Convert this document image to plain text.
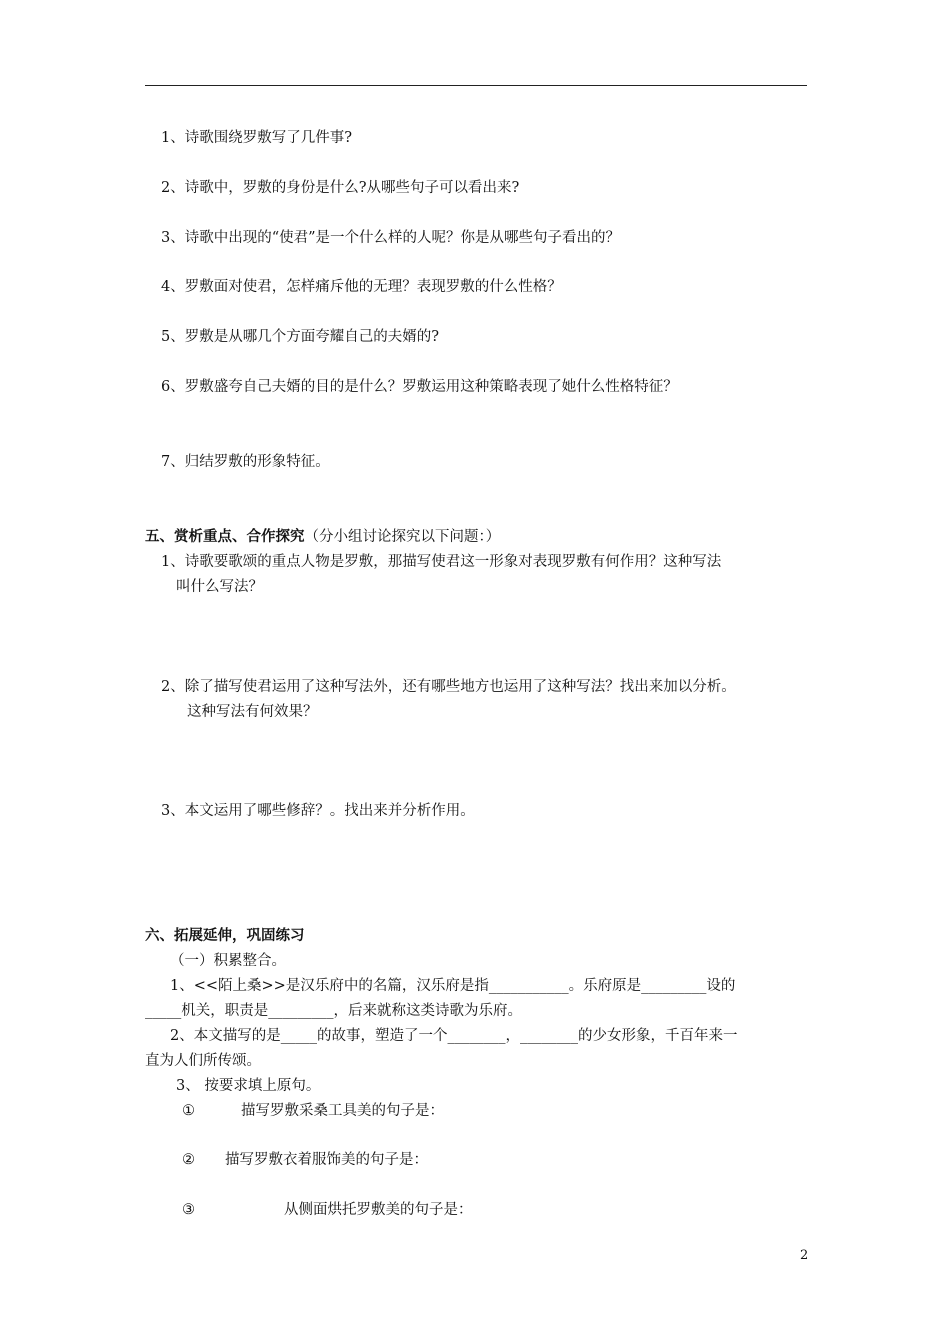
1、诗歌围绕罗敷写了几件事?
2、诗歌中，罗敷的身份是什么?从哪些句子可以看出来?
3、诗歌中出现的“使君”是一个什么样的人呢？你是从哪些句子看出的？
4、罗敷面对使君，怎样痛斥他的无理？表现罗敷的什么性格？
5、罗敷是从哪几个方面夸耀自己的夫婿的?
6、罗敷盛夸自己夫婿的目的是什么？罗敷运用这种策略表现了她什么性格特征？
7、归结罗敷的形象特征。
五、赏析重点、合作探究（分小组讨论探究以下问题：）
1、诗歌要歌颂的重点人物是罗敷，那描写使君这一形象对表现罗敷有何作用？这种写法
叫什么写法？
2、除了描写使君运用了这种写法外，还有哪些地方也运用了这种写法？找出来加以分析。
这种写法有何效果？
3、本文运用了哪些修辞？。找出来并分析作用。
六、拓展延伸，巩固练习
（一）积累整合。
1、<<陌上桑>>是汉乐府中的名篇，汉乐府是指___________。乐府原是_________设的
_____机关，职责是_________，后来就称这类诗歌为乐府。
2、本文描写的是_____的故事，塑造了一个________，________的少女形象，千百年来一
直为人们所传颂。
3、 按要求填上原句。
①	描写罗敷采桑工具美的句子是：
② 描写罗敷衣着服饰美的句子是：
③	从侧面烘托罗敷美的句子是：
2
